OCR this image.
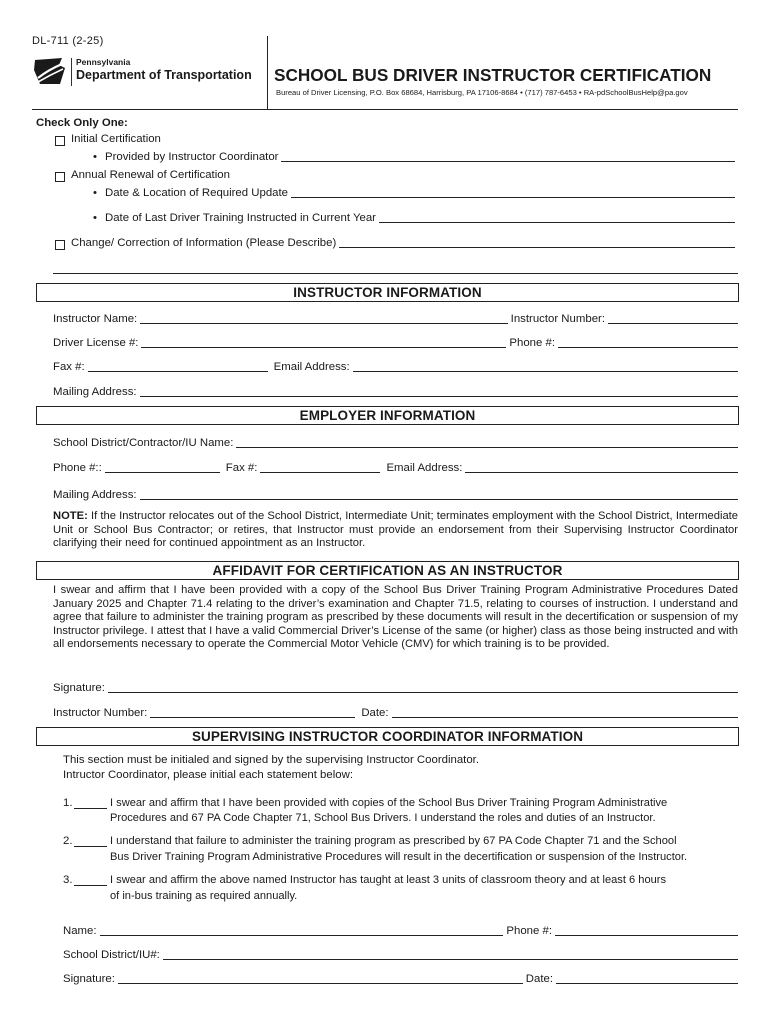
DL-711 (2-25)
Pennsylvania
Department of Transportation SCHOOL BUS DRIVER INSTRUCTOR CERTIFICATION
Bureau of Driver Licensing, P.O. Box 68684, Harrisburg, PA 17106-8684 • (717) 787-6453 • RA-pdSchoolBusHelp@pa.gov
Check Only One:
Initial Certification
• Provided by Instructor Coordinator
Annual Renewal of Certification
• Date & Location of Required Update
• Date of Last Driver Training Instructed in Current Year
Change/ Correction of Information (Please Describe)
INSTRUCTOR INFORMATION
Instructor Name:	Instructor Number:
Driver License #:	Phone #:
Fax #:	Email Address:
Mailing Address:
EMPLOYER INFORMATION
School District/Contractor/IU Name:
Phone #::	Fax #:	Email Address:
Mailing Address:
NOTE: If the Instructor relocates out of the School District, Intermediate Unit; terminates employment with the School District, Intermediate Unit or School Bus Contractor; or retires, that Instructor must provide an endorsement from their Supervising Instructor Coordinator clarifying their need for continued appointment as an Instructor.
AFFIDAVIT FOR CERTIFICATION AS AN INSTRUCTOR
I swear and affirm that I have been provided with a copy of the School Bus Driver Training Program Administrative Procedures Dated January 2025 and Chapter 71.4 relating to the driver’s examination and Chapter 71.5, relating to courses of instruction. I understand and agree that failure to administer the training program as prescribed by these documents will result in the decertification or suspension of my Instructor privilege. I attest that I have a valid Commercial Driver’s License of the same (or higher) class as those being instructed and with all endorsements necessary to operate the Commercial Motor Vehicle (CMV) for which training is to be provided.
Signature:
Instructor Number:	Date:
SUPERVISING INSTRUCTOR COORDINATOR INFORMATION
This section must be initialed and signed by the supervising Instructor Coordinator.
Intructor Coordinator, please initial each statement below:
1.	I swear and affirm that I have been provided with copies of the School Bus Driver Training Program Administrative
Procedures and 67 PA Code Chapter 71, School Bus Drivers. I understand the roles and duties of an Instructor.
2.	I understand that failure to administer the training program as prescribed by 67 PA Code Chapter 71 and the School
Bus Driver Training Program Administrative Procedures will result in the decertification or suspension of the Instructor.
3.	I swear and affirm the above named Instructor has taught at least 3 units of classroom theory and at least 6 hours
of in-bus training as required annually.
Name:	Phone #:
School District/IU#:
Signature:	Date:
